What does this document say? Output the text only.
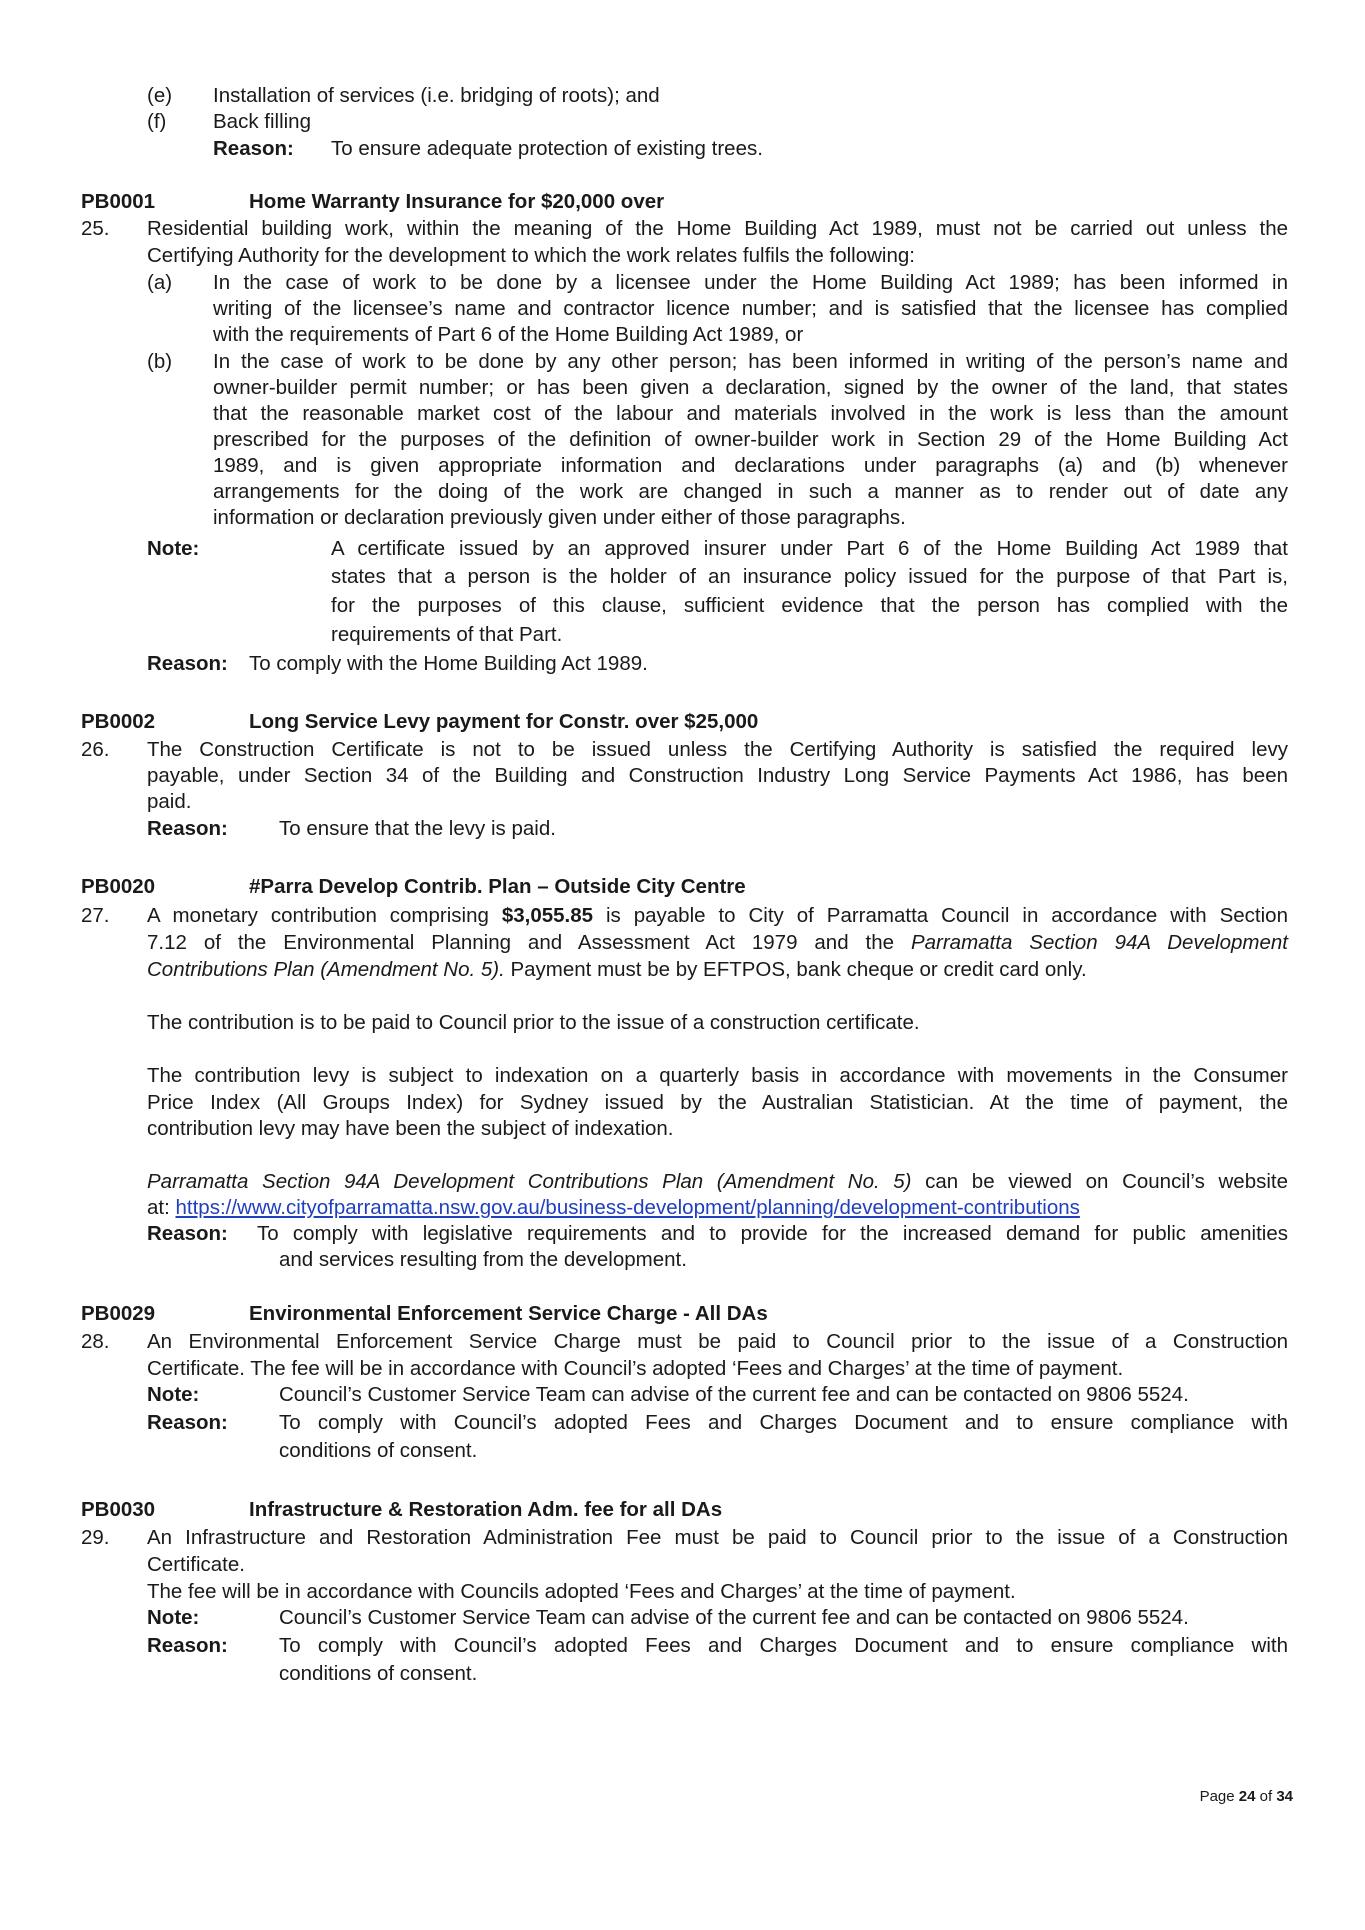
(e) Installation of services (i.e. bridging of roots); and
(f) Back filling
Reason: To ensure adequate protection of existing trees.
PB0001	Home Warranty Insurance for $20,000 over
25. Residential building work, within the meaning of the Home Building Act 1989, must not be carried out unless the
Certifying Authority for the development to which the work relates fulfils the following:
(a) In the case of work to be done by a licensee under the Home Building Act 1989; has been informed in
writing of the licensee’s name and contractor licence number; and is satisfied that the licensee has complied
with the requirements of Part 6 of the Home Building Act 1989, or
(b) In the case of work to be done by any other person; has been informed in writing of the person’s name and
owner-builder permit number; or has been given a declaration, signed by the owner of the land, that states
that the reasonable market cost of the labour and materials involved in the work is less than the amount
prescribed for the purposes of the definition of owner-builder work in Section 29 of the Home Building Act
1989, and is given appropriate information and declarations under paragraphs (a) and (b) whenever
arrangements for the doing of the work are changed in such a manner as to render out of date any
information or declaration previously given under either of those paragraphs.
Note:	A certificate issued by an approved insurer under Part 6 of the Home Building Act 1989 that
states that a person is the holder of an insurance policy issued for the purpose of that Part is,
for the purposes of this clause, sufficient evidence that the person has complied with the
requirements of that Part.
Reason: To comply with the Home Building Act 1989.
PB0002	Long Service Levy payment for Constr. over $25,000
26. The Construction Certificate is not to be issued unless the Certifying Authority is satisfied the required levy
payable, under Section 34 of the Building and Construction Industry Long Service Payments Act 1986, has been
paid.
Reason: To ensure that the levy is paid.
PB0020	#Parra Develop Contrib. Plan – Outside City Centre
27. A monetary contribution comprising $3,055.85 is payable to City of Parramatta Council in accordance with Section
7.12 of the Environmental Planning and Assessment Act 1979 and the Parramatta Section 94A Development
Contributions Plan (Amendment No. 5). Payment must be by EFTPOS, bank cheque or credit card only.
The contribution is to be paid to Council prior to the issue of a construction certificate.
The contribution levy is subject to indexation on a quarterly basis in accordance with movements in the Consumer
Price Index (All Groups Index) for Sydney issued by the Australian Statistician. At the time of payment, the
contribution levy may have been the subject of indexation.
Parramatta Section 94A Development Contributions Plan (Amendment No. 5) can be viewed on Council’s website
at: https://www.cityofparramatta.nsw.gov.au/business-development/planning/development-contributions
Reason: To comply with legislative requirements and to provide for the increased demand for public amenities
and services resulting from the development.
PB0029	Environmental Enforcement Service Charge - All DAs
28. An Environmental Enforcement Service Charge must be paid to Council prior to the issue of a Construction
Certificate. The fee will be in accordance with Council’s adopted ‘Fees and Charges’ at the time of payment.
Note:	Council’s Customer Service Team can advise of the current fee and can be contacted on 9806 5524.
Reason: To comply with Council’s adopted Fees and Charges Document and to ensure compliance with
conditions of consent.
PB0030	Infrastructure & Restoration Adm. fee for all DAs
29. An Infrastructure and Restoration Administration Fee must be paid to Council prior to the issue of a Construction
Certificate.
The fee will be in accordance with Councils adopted ‘Fees and Charges’ at the time of payment.
Note:	Council’s Customer Service Team can advise of the current fee and can be contacted on 9806 5524.
Reason: To comply with Council’s adopted Fees and Charges Document and to ensure compliance with
conditions of consent.
Page 24 of 34
